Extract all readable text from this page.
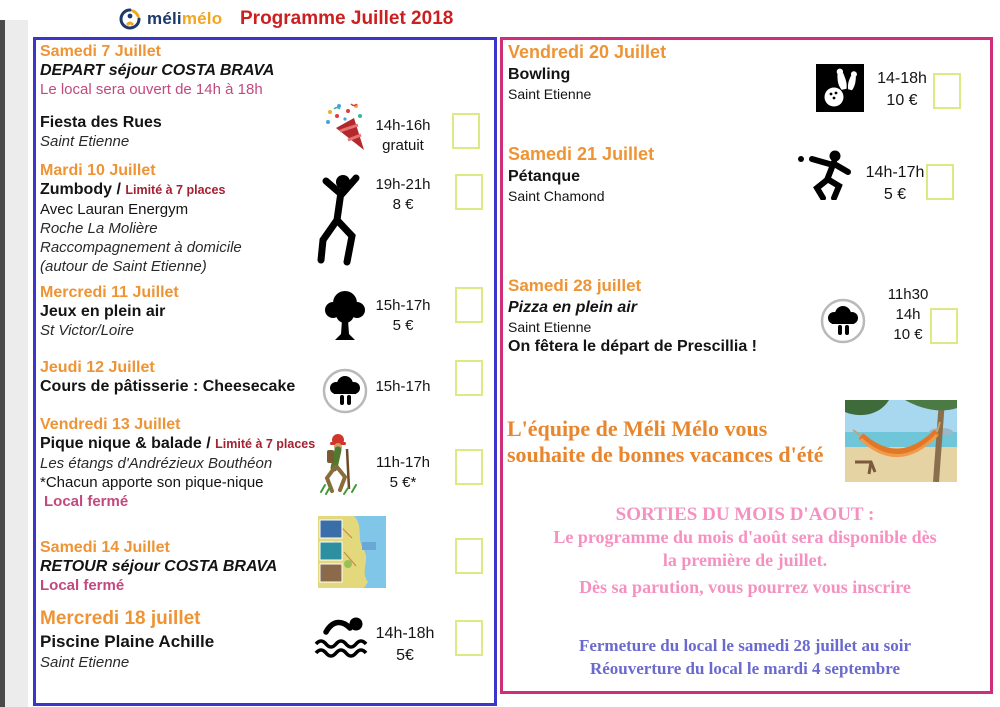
mélimélo Programme Juillet 2018
Samedi 7 Juillet
DEPART séjour COSTA BRAVA
Le local sera ouvert de 14h à 18h
Fiesta des Rues
Saint Etienne
14h-16h
gratuit
Mardi 10 Juillet
Zumbody / Limité à 7 places
Avec Lauran Energym
Roche La Molière
Raccompagnement à domicile
(autour de Saint Etienne)
19h-21h
8 €
Mercredi 11 Juillet
Jeux en plein air
St Victor/Loire
15h-17h
5 €
Jeudi 12 Juillet
Cours de pâtisserie : Cheesecake	15h-17h
Vendredi 13 Juillet
Pique nique & balade / Limité à 7 places
Les étangs d'Andrézieux Bouthéon
*Chacun apporte son pique-nique
Local fermé
11h-17h
5 €*
Samedi 14 Juillet
RETOUR séjour COSTA BRAVA
Local fermé
Mercredi 18 juillet
Piscine Plaine Achille
Saint Etienne
14h-18h
5€
Vendredi 20 Juillet
Bowling
Saint Etienne
14-18h
10 €
Samedi 21 Juillet
Pétanque
Saint Chamond
14h-17h
5 €
Samedi 28 juillet
Pizza en plein air
Saint Etienne
On fêtera le départ de Prescillia !
11h30
14h
10 €
L'équipe de Méli Mélo vous
souhaite de bonnes vacances d'été
SORTIES DU MOIS D'AOUT :
Le programme du mois d'août sera disponible dès
la première de juillet.
Dès sa parution, vous pourrez vous inscrire
Fermeture du local le samedi 28 juillet au soir
Réouverture du local le mardi 4 septembre
